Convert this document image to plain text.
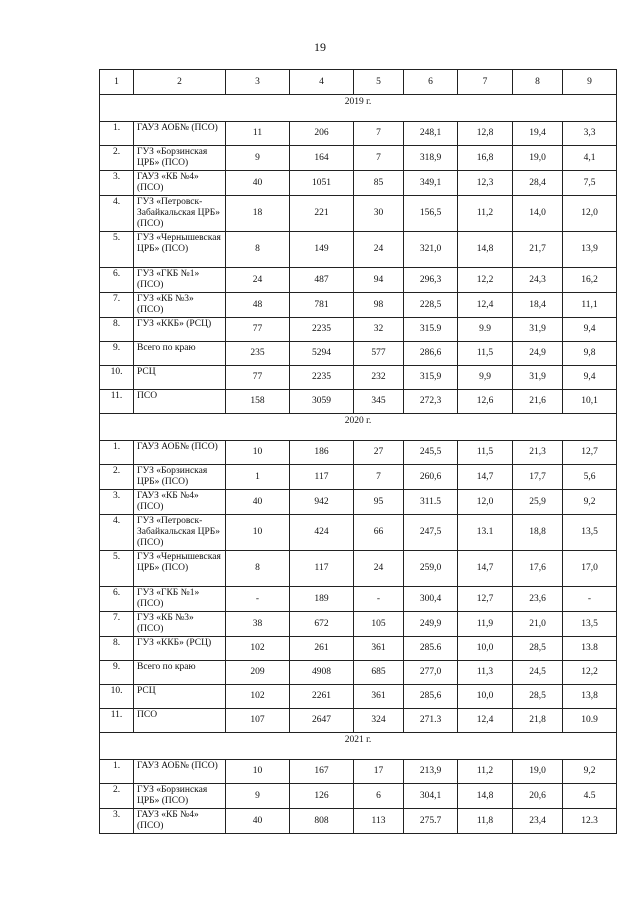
19
1	2	3	4	5	6	7	8	9
2019 г.								
1.	ГАУЗ АОБ№ (ПСО)	11	206	7	248,1	12,8	19,4	3,3
2.	ГУЗ «Борзинская ЦРБ» (ПСО)	9	164	7	318,9	16,8	19,0	4,1
3.	ГАУЗ «КБ №4» (ПСО)	40	1051	85	349,1	12,3	28,4	7,5
4.	ГУЗ «Петровск-Забайкальская ЦРБ» (ПСО)	18	221	30	156,5	11,2	14,0	12,0
5.	ГУЗ «Чернышевская ЦРБ» (ПСО)	8	149	24	321,0	14,8	21,7	13,9
6.	ГУЗ «ГКБ №1» (ПСО)	24	487	94	296,3	12,2	24,3	16,2
7.	ГУЗ «КБ №3» (ПСО)	48	781	98	228,5	12,4	18,4	11,1
8.	ГУЗ «ККБ» (РСЦ)	77	2235	32	315.9	9.9	31,9	9,4
9.	Всего по краю	235	5294	577	286,6	11,5	24,9	9,8
10.	РСЦ	77	2235	232	315,9	9,9	31,9	9,4
11.	ПСО	158	3059	345	272,3	12,6	21,6	10,1
2020 г.								
1.	ГАУЗ АОБ№ (ПСО)	10	186	27	245,5	11,5	21,3	12,7
2.	ГУЗ «Борзинская ЦРБ» (ПСО)	1	117	7	260,6	14,7	17,7	5,6
3.	ГАУЗ «КБ №4» (ПСО)	40	942	95	311.5	12,0	25,9	9,2
4.	ГУЗ «Петровск-Забайкальская ЦРБ» (ПСО)	10	424	66	247,5	13.1	18,8	13,5
5.	ГУЗ «Чернышевская ЦРБ» (ПСО)	8	117	24	259,0	14,7	17,6	17,0
6.	ГУЗ «ГКБ №1» (ПСО)	-	189	-	300,4	12,7	23,6	-
7.	ГУЗ «КБ №3» (ПСО)	38	672	105	249,9	11,9	21,0	13,5
8.	ГУЗ «ККБ» (РСЦ)	102	261	361	285.6	10,0	28,5	13.8
9.	Всего по краю	209	4908	685	277,0	11,3	24,5	12,2
10.	РСЦ	102	2261	361	285,6	10,0	28,5	13,8
11.	ПСО	107	2647	324	271.3	12,4	21,8	10.9
2021 г.								
1.	ГАУЗ АОБ№ (ПСО)	10	167	17	213,9	11,2	19,0	9,2
2.	ГУЗ «Борзинская ЦРБ» (ПСО)	9	126	6	304,1	14,8	20,6	4.5
3.	ГАУЗ «КБ №4» (ПСО)	40	808	113	275.7	11,8	23,4	12.3
